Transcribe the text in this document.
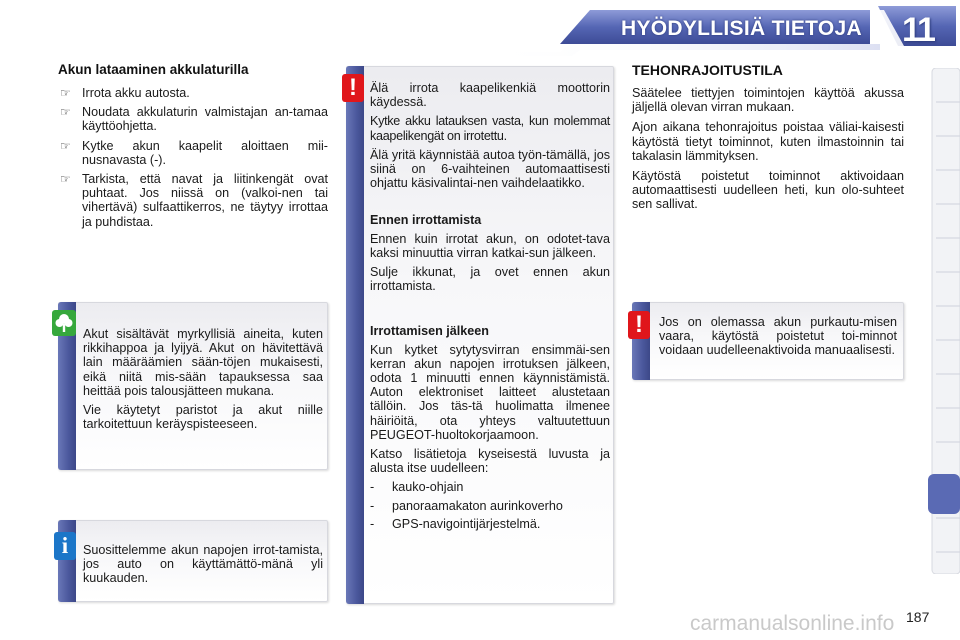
HYÖDYLLISIÄ TIETOJA 11
Akun lataaminen akkulaturilla
☞ Irrota akku autosta.
☞ Noudata akkulaturin valmistajan an-tamaa käyttöohjetta.
☞ Kytke akun kaapelit aloittaen mii-nusnavasta (-).
☞ Tarkista, että navat ja liitinkengät ovat puhtaat. Jos niissä on (valkoi-nen tai vihertävä) sulfaattikerros, ne täytyy irrottaa ja puhdistaa.

Akut sisältävät myrkyllisiä aineita, kuten rikkihappoa ja lyijyä. Akut on hävitettävä lain määräämien sään-töjen mukaisesti, eikä niitä mis-sään tapauksessa saa heittää pois talousjätteen mukana.

Vie käytetyt paristot ja akut niille tarkoitettuun keräyspisteeseen.

Suosittelemme akun napojen irrot-tamista, jos auto on käyttämättö-mänä yli kuukauden.
i

Älä irrota kaapelikenkiä moottorin käydessä.

Kytke akku latauksen vasta, kun molemmat kaapelikengät on irrotettu.

Älä yritä käynnistää autoa työn-tämällä, jos siinä on 6-vaihteinen automaattisesti ohjattu käsivalintai-nen vaihdelaatikko.

Ennen irrottamista

Ennen kuin irrotat akun, on odotet-tava kaksi minuuttia virran katkai-sun jälkeen.

Sulje ikkunat, ja ovet ennen akun irrottamista.

Irrottamisen jälkeen

Kun kytket sytytysvirran ensimmäi-sen kerran akun napojen irrotuksen jälkeen, odota 1 minuutti ennen käynnistämistä. Auton elektroniset laitteet alustetaan tällöin. Jos täs-tä huolimatta ilmenee häiriöitä, ota yhteys valtuutettuun PEUGEOT-huoltokorjaamoon.

Katso lisätietoja kyseisestä luvusta ja alusta itse uudelleen:

- kauko-ohjain
- panoraamakaton aurinkoverho
- GPS-navigointijärjestelmä.
!
TEHONRAJOITUSTILA

Säätelee tiettyjen toimintojen käyttöä akussa jäljellä olevan virran mukaan.

Ajon aikana tehonrajoitus poistaa väliai-kaisesti käytöstä tietyt toiminnot, kuten ilmastoinnin tai takalasin lämmityksen.

Käytöstä poistetut toiminnot aktivoidaan automaattisesti uudelleen heti, kun olo-suhteet sen sallivat.

Jos on olemassa akun purkautu-misen vaara, käytöstä poistetut toi-minnot voidaan uudelleenaktivoida manuaalisesti.
!
carmanualsonline.info 187
